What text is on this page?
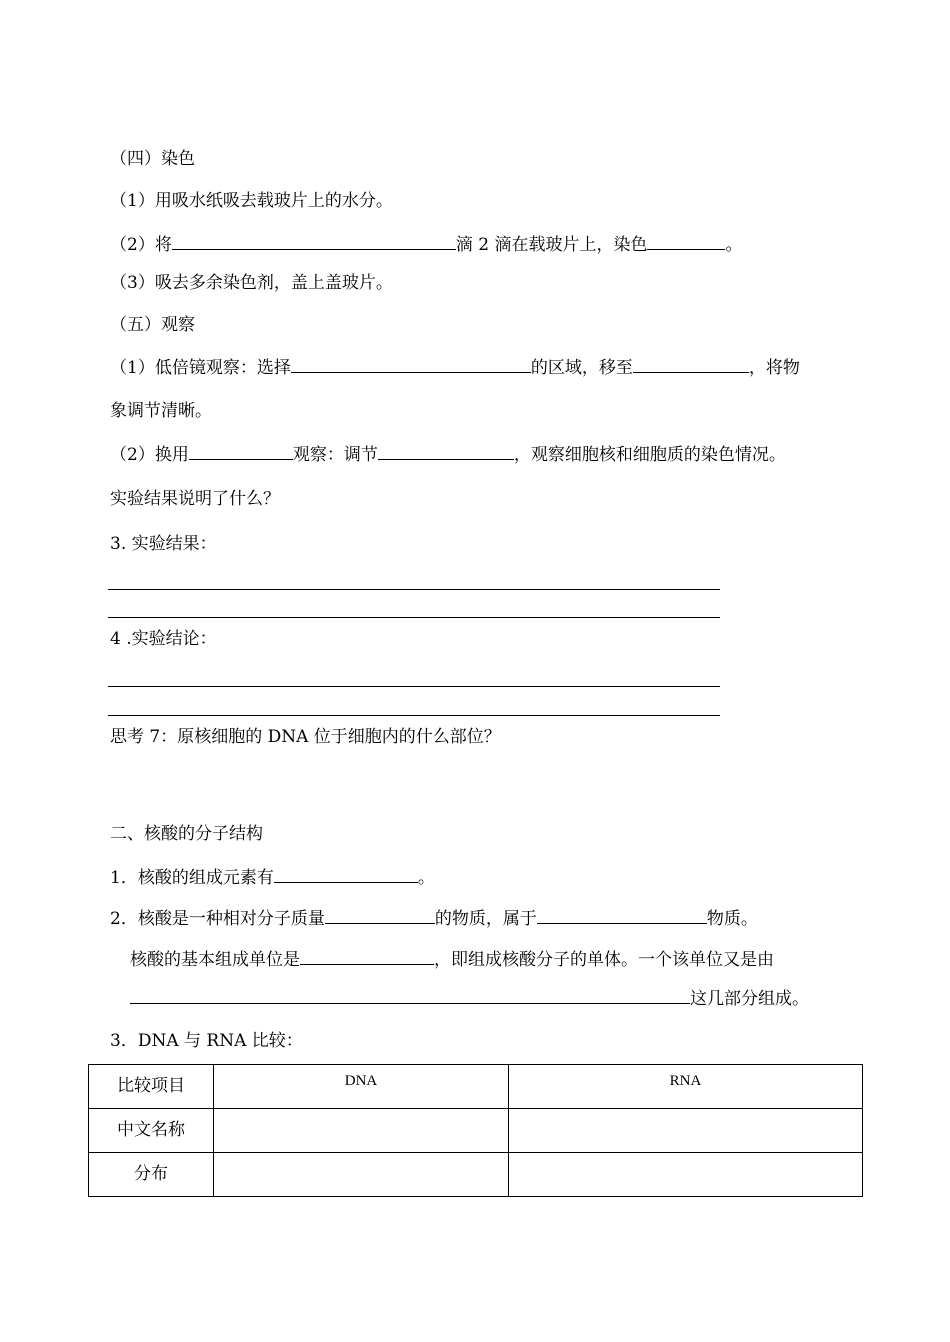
（四）染色
（1）用吸水纸吸去载玻片上的水分。
（2）将	滴 2 滴在载玻片上，染色	。
（3）吸去多余染色剂，盖上盖玻片。
（五）观察
（1）低倍镜观察：选择	的区域，移至	，将物
象调节清晰。
（2）换用	观察：调节	，观察细胞核和细胞质的染色情况。
实验结果说明了什么？
3. 实验结果：
4 .实验结论：
思考 7：原核细胞的 DNA 位于细胞内的什么部位？
二、核酸的分子结构
1．核酸的组成元素有	。
2．核酸是一种相对分子质量	的物质，属于	物质。
核酸的基本组成单位是	，即组成核酸分子的单体。一个该单位又是由
这几部分组成。
3．DNA 与 RNA 比较：
比较项目	DNA	RNA
中文名称		
分布		
